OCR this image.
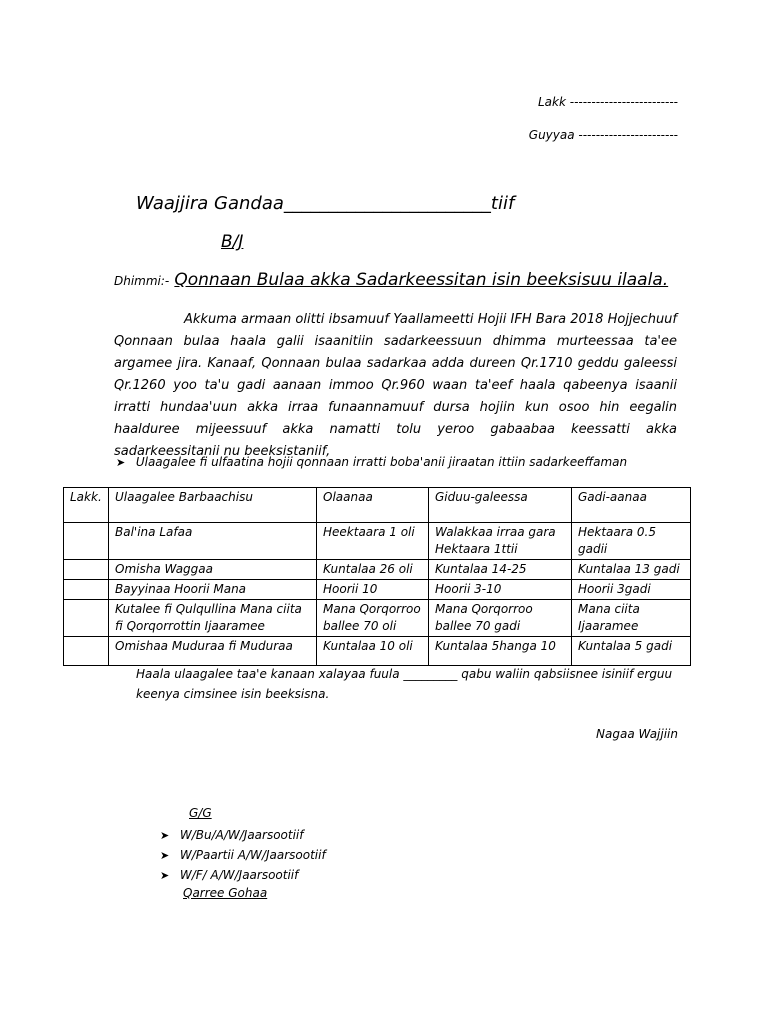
Lakk -------------------------
Guyyaa -----------------------
Waajjira Gandaa_______________________tiif
B/J
Dhimmi:- Qonnaan Bulaa akka Sadarkeessitan isin beeksisuu ilaala.
Akkuma armaan olitti ibsamuuf Yaallameetti Hojii IFH Bara 2018 Hojjechuuf Qonnaan bulaa haala galii isaanitiin sadarkeessuun dhimma murteessaa ta'ee argamee jira. Kanaaf, Qonnaan bulaa sadarkaa adda dureen Qr.1710 geddu galeessi Qr.1260 yoo ta'u gadi aanaan immoo Qr.960 waan ta'eef haala qabeenya isaanii irratti hundaa'uun akka irraa funaannamuuf dursa hojiin kun osoo hin eegalin haalduree mijeessuuf akka namatti tolu yeroo gabaabaa keessatti akka sadarkeessitanii nu beeksistaniif,
➤ Ulaagalee fi ulfaatina hojii qonnaan irratti boba'anii jiraatan ittiin sadarkeeffaman
Lakk.	Ulaagalee Barbaachisu	Olaanaa	Giduu-galeessa	Gadi-aanaa
	Bal'ina Lafaa	Heektaara 1 oli	Walakkaa irraa gara Hektaara 1ttii	Hektaara 0.5 gadii
	Omisha Waggaa	Kuntalaa 26 oli	Kuntalaa 14-25	Kuntalaa 13 gadi
	Bayyinaa Hoorii Mana	Hoorii 10	Hoorii 3-10	Hoorii 3gadi
	Kutalee fi Qulqullina Mana ciita fi Qorqorrottin Ijaaramee	Mana Qorqorroo ballee 70 oli	Mana Qorqorroo ballee 70 gadi	Mana ciita Ijaaramee
	Omishaa Muduraa fi Muduraa	Kuntalaa 10 oli	Kuntalaa 5hanga 10	Kuntalaa 5 gadi
Haala ulaagalee taa'e kanaan xalayaa fuula _________ qabu waliin qabsiisnee isiniif erguu keenya cimsinee isin beeksisna.
Nagaa Wajjiin
G/G
➤ W/Bu/A/W/Jaarsootiif
➤ W/Paartii A/W/Jaarsootiif
➤ W/F/ A/W/Jaarsootiif
Qarree Gohaa
